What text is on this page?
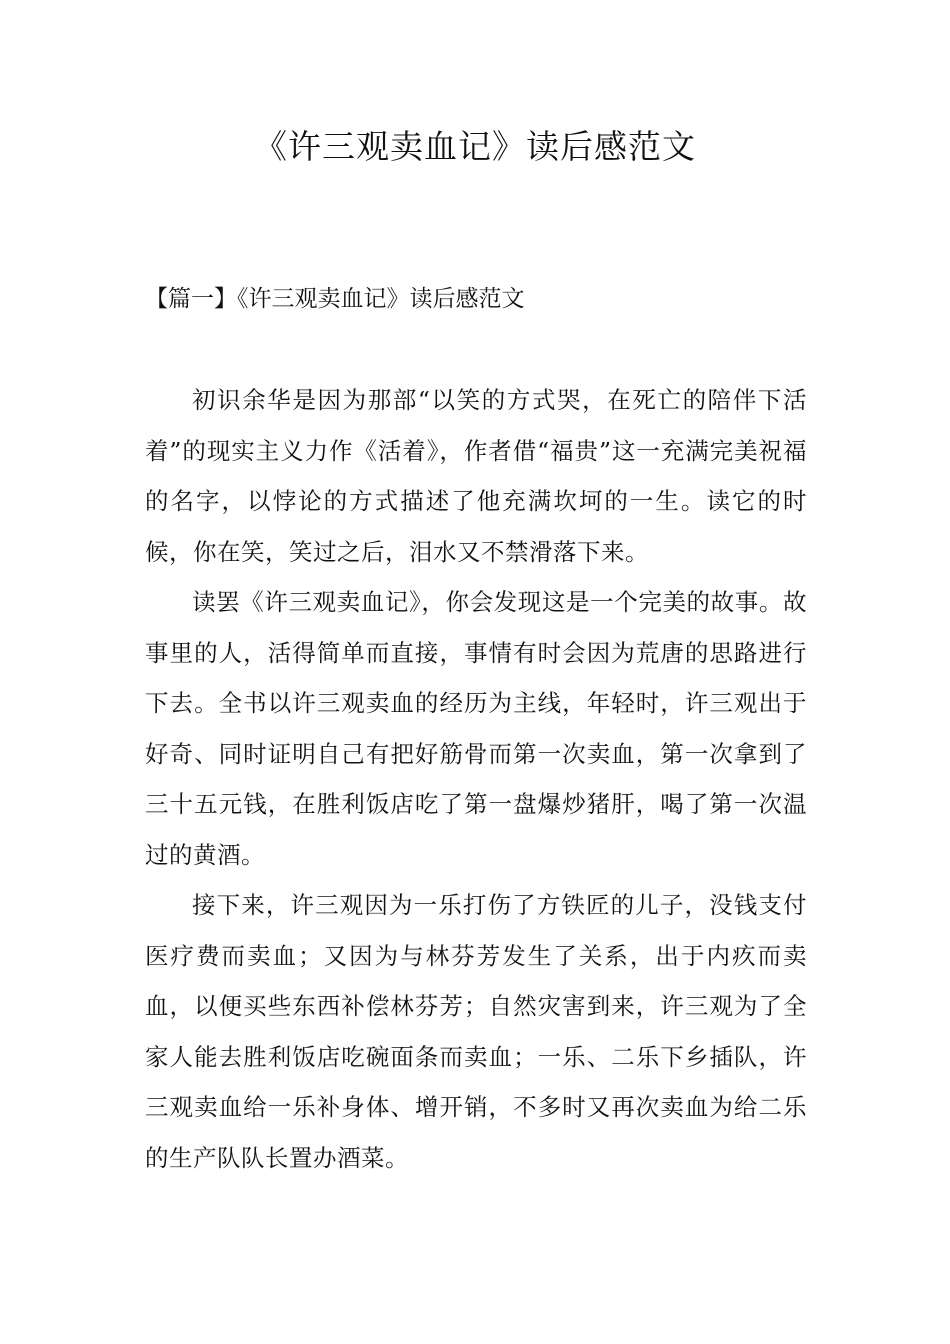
《许三观卖血记》读后感范文
【篇一】《许三观卖血记》读后感范文

初识余华是因为那部“以笑的方式哭，在死亡的陪伴下活着”的现实主义力作《活着》，作者借“福贵”这一充满完美祝福的名字，以悖论的方式描述了他充满坎坷的一生。读它的时候，你在笑，笑过之后，泪水又不禁滑落下来。

读罢《许三观卖血记》，你会发现这是一个完美的故事。故事里的人，活得简单而直接，事情有时会因为荒唐的思路进行下去。全书以许三观卖血的经历为主线，年轻时，许三观出于好奇、同时证明自己有把好筋骨而第一次卖血，第一次拿到了三十五元钱，在胜利饭店吃了第一盘爆炒猪肝，喝了第一次温过的黄酒。

接下来，许三观因为一乐打伤了方铁匠的儿子，没钱支付医疗费而卖血；又因为与林芬芳发生了关系，出于内疚而卖血，以便买些东西补偿林芬芳；自然灾害到来，许三观为了全家人能去胜利饭店吃碗面条而卖血；一乐、二乐下乡插队，许三观卖血给一乐补身体、增开销，不多时又再次卖血为给二乐的生产队队长置办酒菜。
